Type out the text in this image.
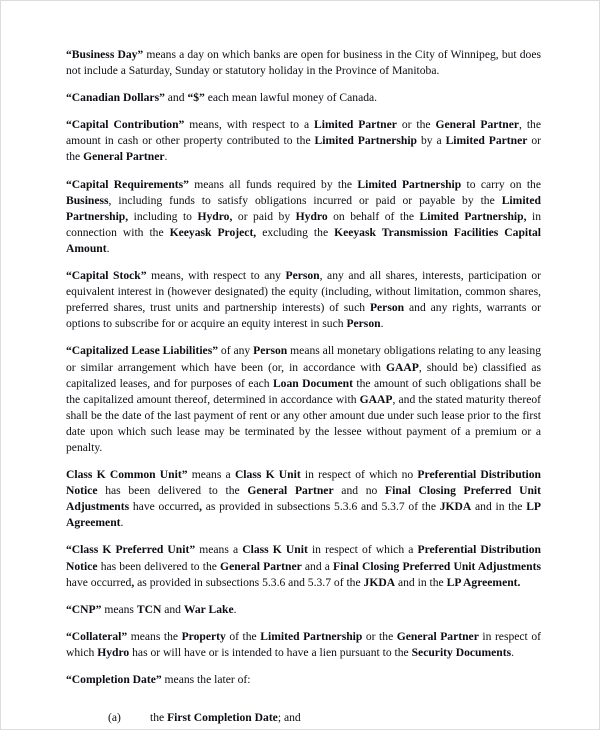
“Business Day” means a day on which banks are open for business in the City of Winnipeg, but does not include a Saturday, Sunday or statutory holiday in the Province of Manitoba.

“Canadian Dollars” and “$” each mean lawful money of Canada.

“Capital Contribution” means, with respect to a Limited Partner or the General Partner, the amount in cash or other property contributed to the Limited Partnership by a Limited Partner or the General Partner.

“Capital Requirements” means all funds required by the Limited Partnership to carry on the Business, including funds to satisfy obligations incurred or paid or payable by the Limited Partnership, including to Hydro, or paid by Hydro on behalf of the Limited Partnership, in connection with the Keeyask Project, excluding the Keeyask Transmission Facilities Capital Amount.

“Capital Stock” means, with respect to any Person, any and all shares, interests, participation or equivalent interest in (however designated) the equity (including, without limitation, common shares, preferred shares, trust units and partnership interests) of such Person and any rights, warrants or options to subscribe for or acquire an equity interest in such Person.

“Capitalized Lease Liabilities” of any Person means all monetary obligations relating to any leasing or similar arrangement which have been (or, in accordance with GAAP, should be) classified as capitalized leases, and for purposes of each Loan Document the amount of such obligations shall be the capitalized amount thereof, determined in accordance with GAAP, and the stated maturity thereof shall be the date of the last payment of rent or any other amount due under such lease prior to the first date upon which such lease may be terminated by the lessee without payment of a premium or a penalty.

Class K Common Unit” means a Class K Unit in respect of which no Preferential Distribution Notice has been delivered to the General Partner and no Final Closing Preferred Unit Adjustments have occurred, as provided in subsections 5.3.6 and 5.3.7 of the JKDA and in the LP Agreement.

“Class K Preferred Unit” means a Class K Unit in respect of which a Preferential Distribution Notice has been delivered to the General Partner and a Final Closing Preferred Unit Adjustments have occurred, as provided in subsections 5.3.6 and 5.3.7 of the JKDA and in the LP Agreement.

“CNP” means TCN and War Lake.

“Collateral” means the Property of the Limited Partnership or the General Partner in respect of which Hydro has or will have or is intended to have a lien pursuant to the Security Documents.

“Completion Date” means the later of:

(a)	the First Completion Date; and
